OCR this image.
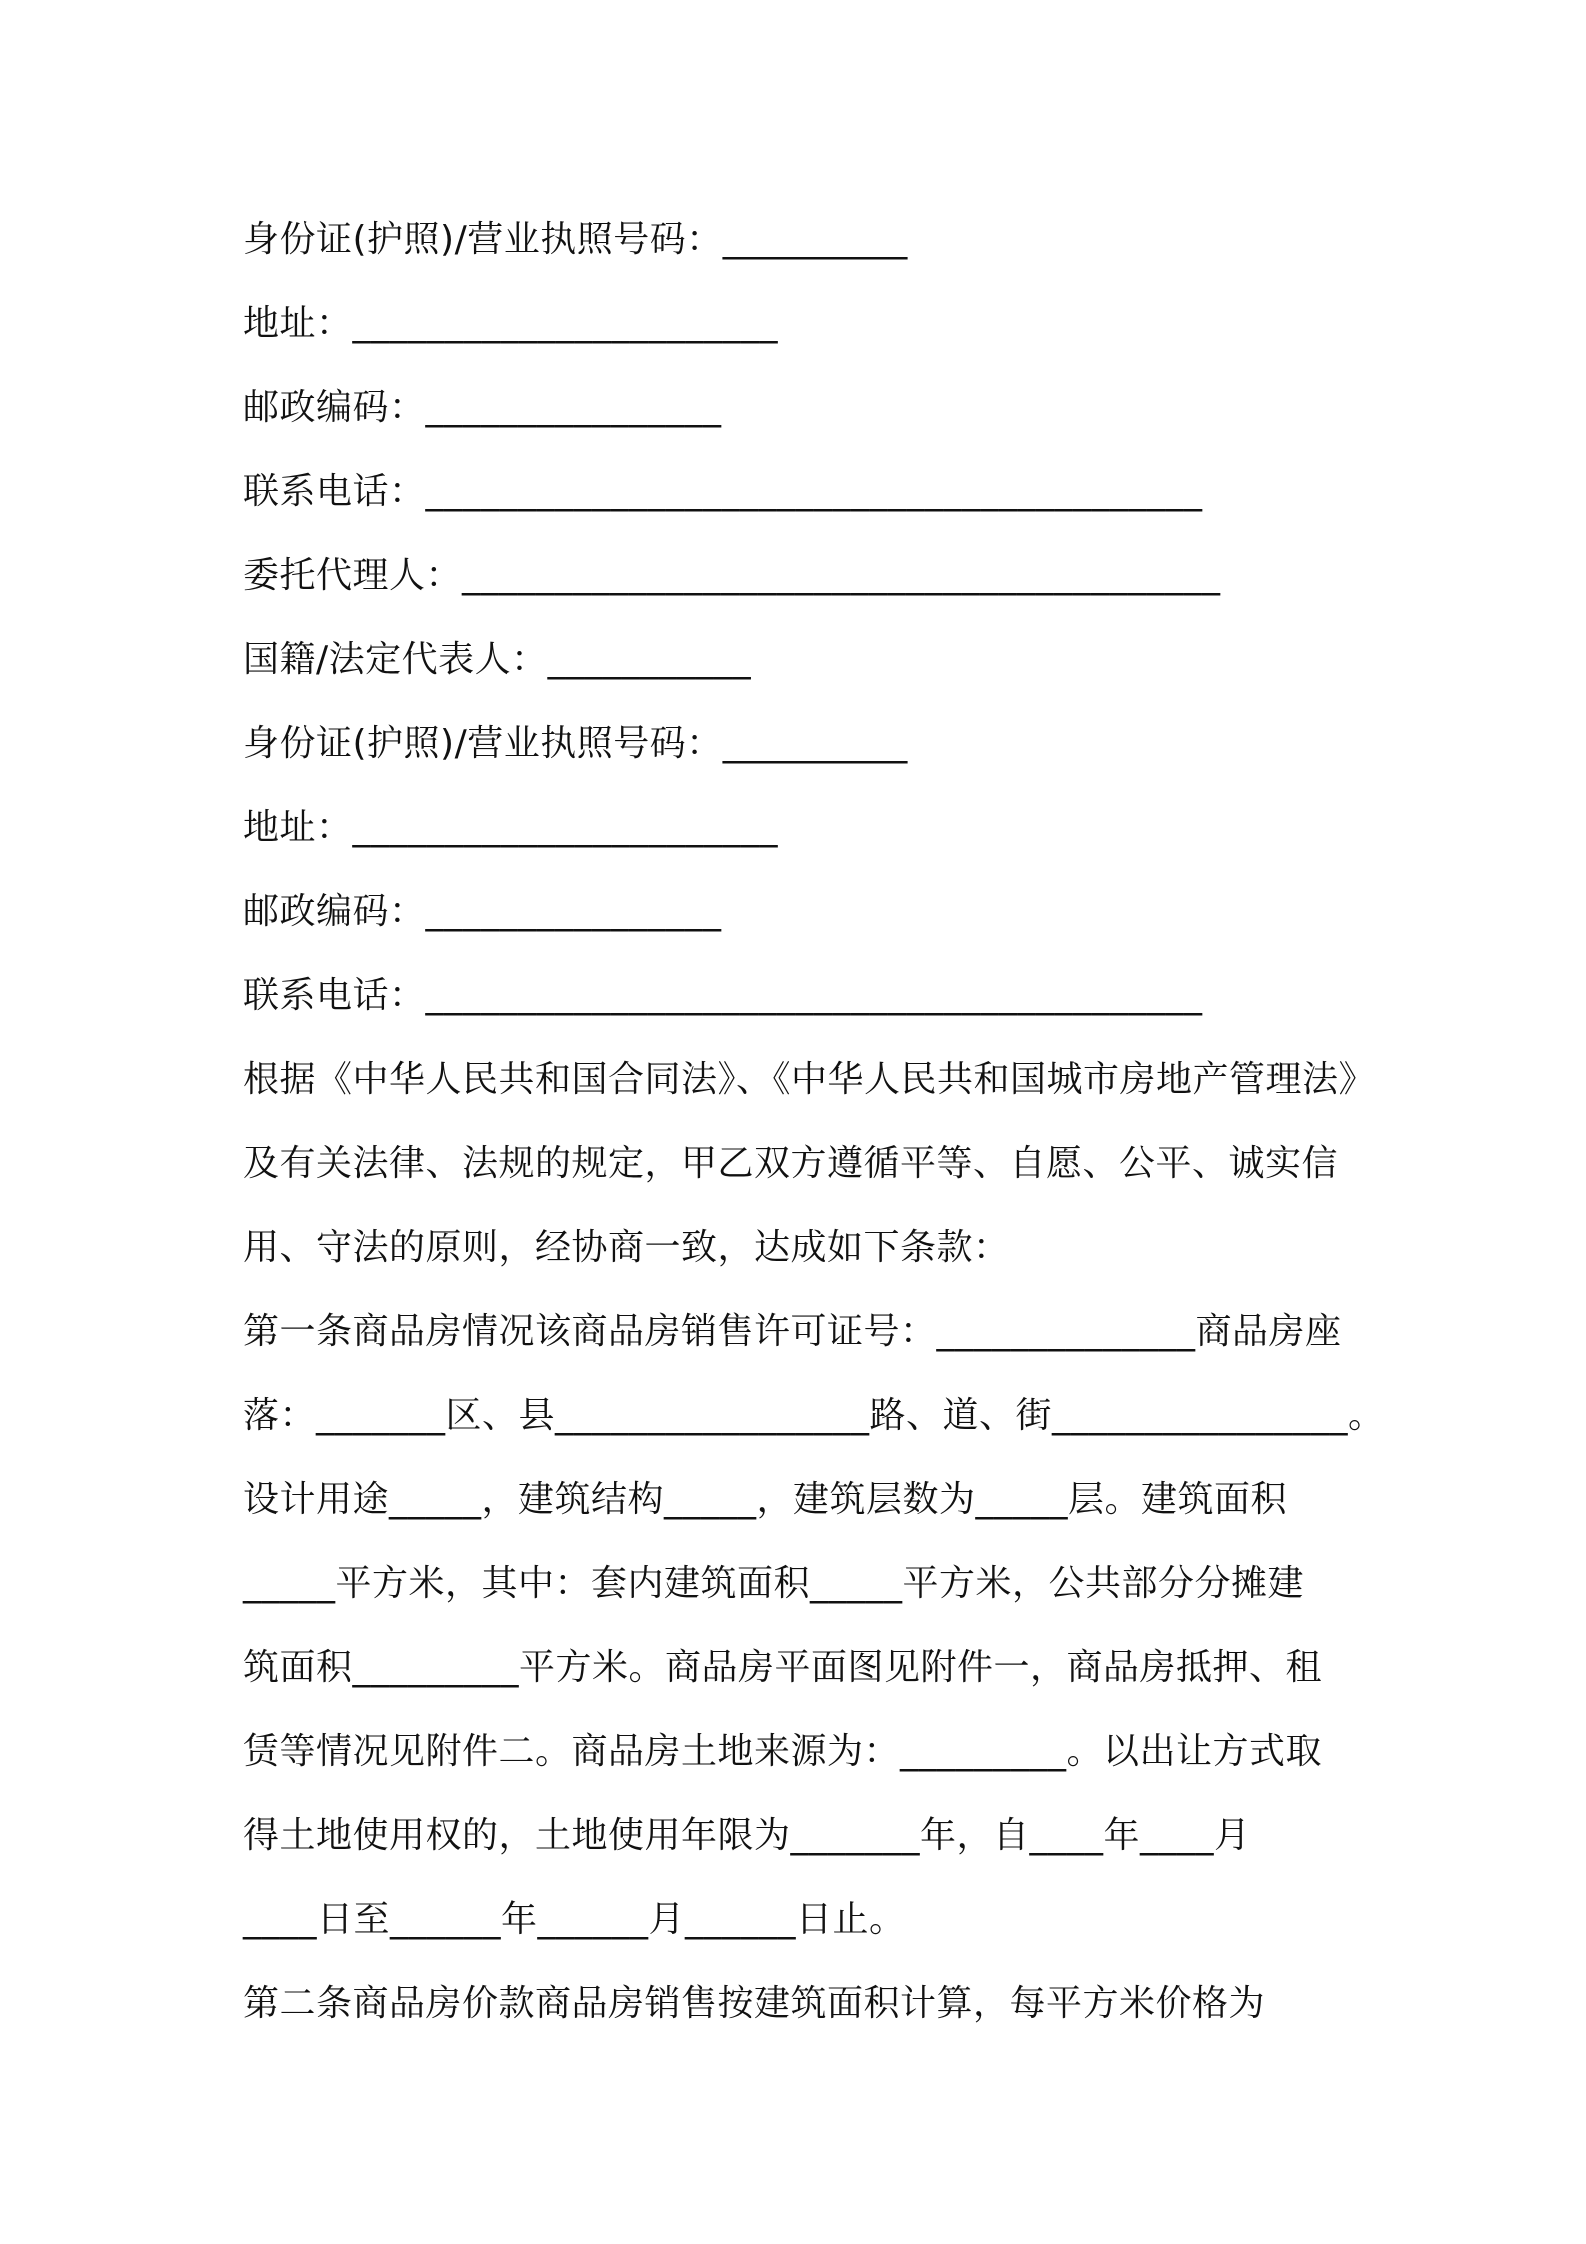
身份证(护照)/营业执照号码：__________
地址：_______________________
邮政编码：________________
联系电话：__________________________________________
委托代理人：_________________________________________
国籍/法定代表人：___________
身份证(护照)/营业执照号码：__________
地址：_______________________
邮政编码：________________
联系电话：__________________________________________
根据《中华人民共和国合同法》、《中华人民共和国城市房地产管理法》
及有关法律、法规的规定，甲乙双方遵循平等、自愿、公平、诚实信
用、守法的原则，经协商一致，达成如下条款：
第一条商品房情况该商品房销售许可证号：______________商品房座
落：_______区、县_________________路、道、街________________。
设计用途_____，建筑结构_____，建筑层数为_____层。建筑面积
_____平方米，其中：套内建筑面积_____平方米，公共部分分摊建
筑面积_________平方米。商品房平面图见附件一，商品房抵押、租
赁等情况见附件二。商品房土地来源为：_________。以出让方式取
得土地使用权的，土地使用年限为_______年，自____年____月
____日至______年______月______日止。
第二条商品房价款商品房销售按建筑面积计算，每平方米价格为
